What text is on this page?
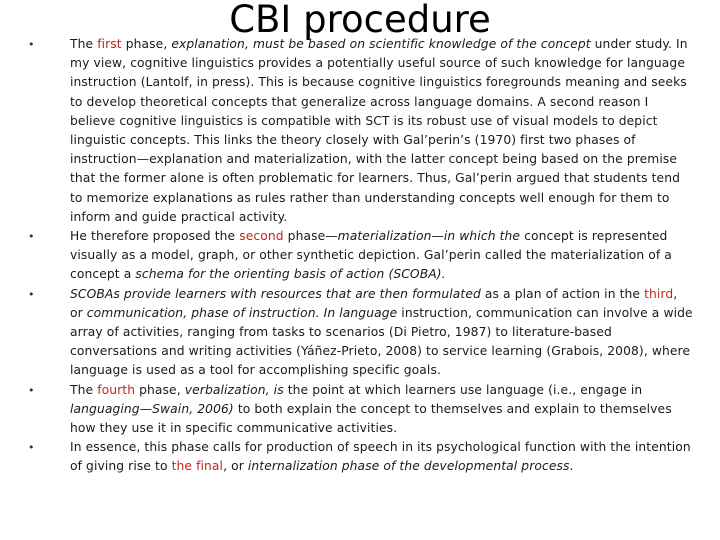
CBI procedure
•	The first phase, explanation, must be based on scientific knowledge of the concept under study. In my view, cognitive linguistics provides a potentially useful source of such knowledge for language instruction (Lantolf, in press). This is because cognitive linguistics foregrounds meaning and seeks to develop theoretical concepts that generalize across language domains. A second reason I believe cognitive linguistics is compatible with SCT is its robust use of visual models to depict linguistic concepts. This links the theory closely with Gal’perin’s (1970) first two phases of instruction—explanation and materialization, with the latter concept being based on the premise that the former alone is often problematic for learners. Thus, Gal’perin argued that students tend to memorize explanations as rules rather than understanding concepts well enough for them to inform and guide practical activity.
•	He therefore proposed the second phase—materialization—in which the concept is represented visually as a model, graph, or other synthetic depiction. Gal’perin called the materialization of a concept a schema for the orienting basis of action (SCOBA).
•	SCOBAs provide learners with resources that are then formulated as a plan of action in the third, or communication, phase of instruction. In language instruction, communication can involve a wide array of activities, ranging from tasks to scenarios (Di Pietro, 1987) to literature-based conversations and writing activities (Yáñez-Prieto, 2008) to service learning (Grabois, 2008), where language is used as a tool for accomplishing specific goals.
•	The fourth phase, verbalization, is the point at which learners use language (i.e., engage in languaging—Swain, 2006) to both explain the concept to themselves and explain to themselves how they use it in specific communicative activities.
•	In essence, this phase calls for production of speech in its psychological function with the intention of giving rise to the final, or internalization phase of the developmental process.
